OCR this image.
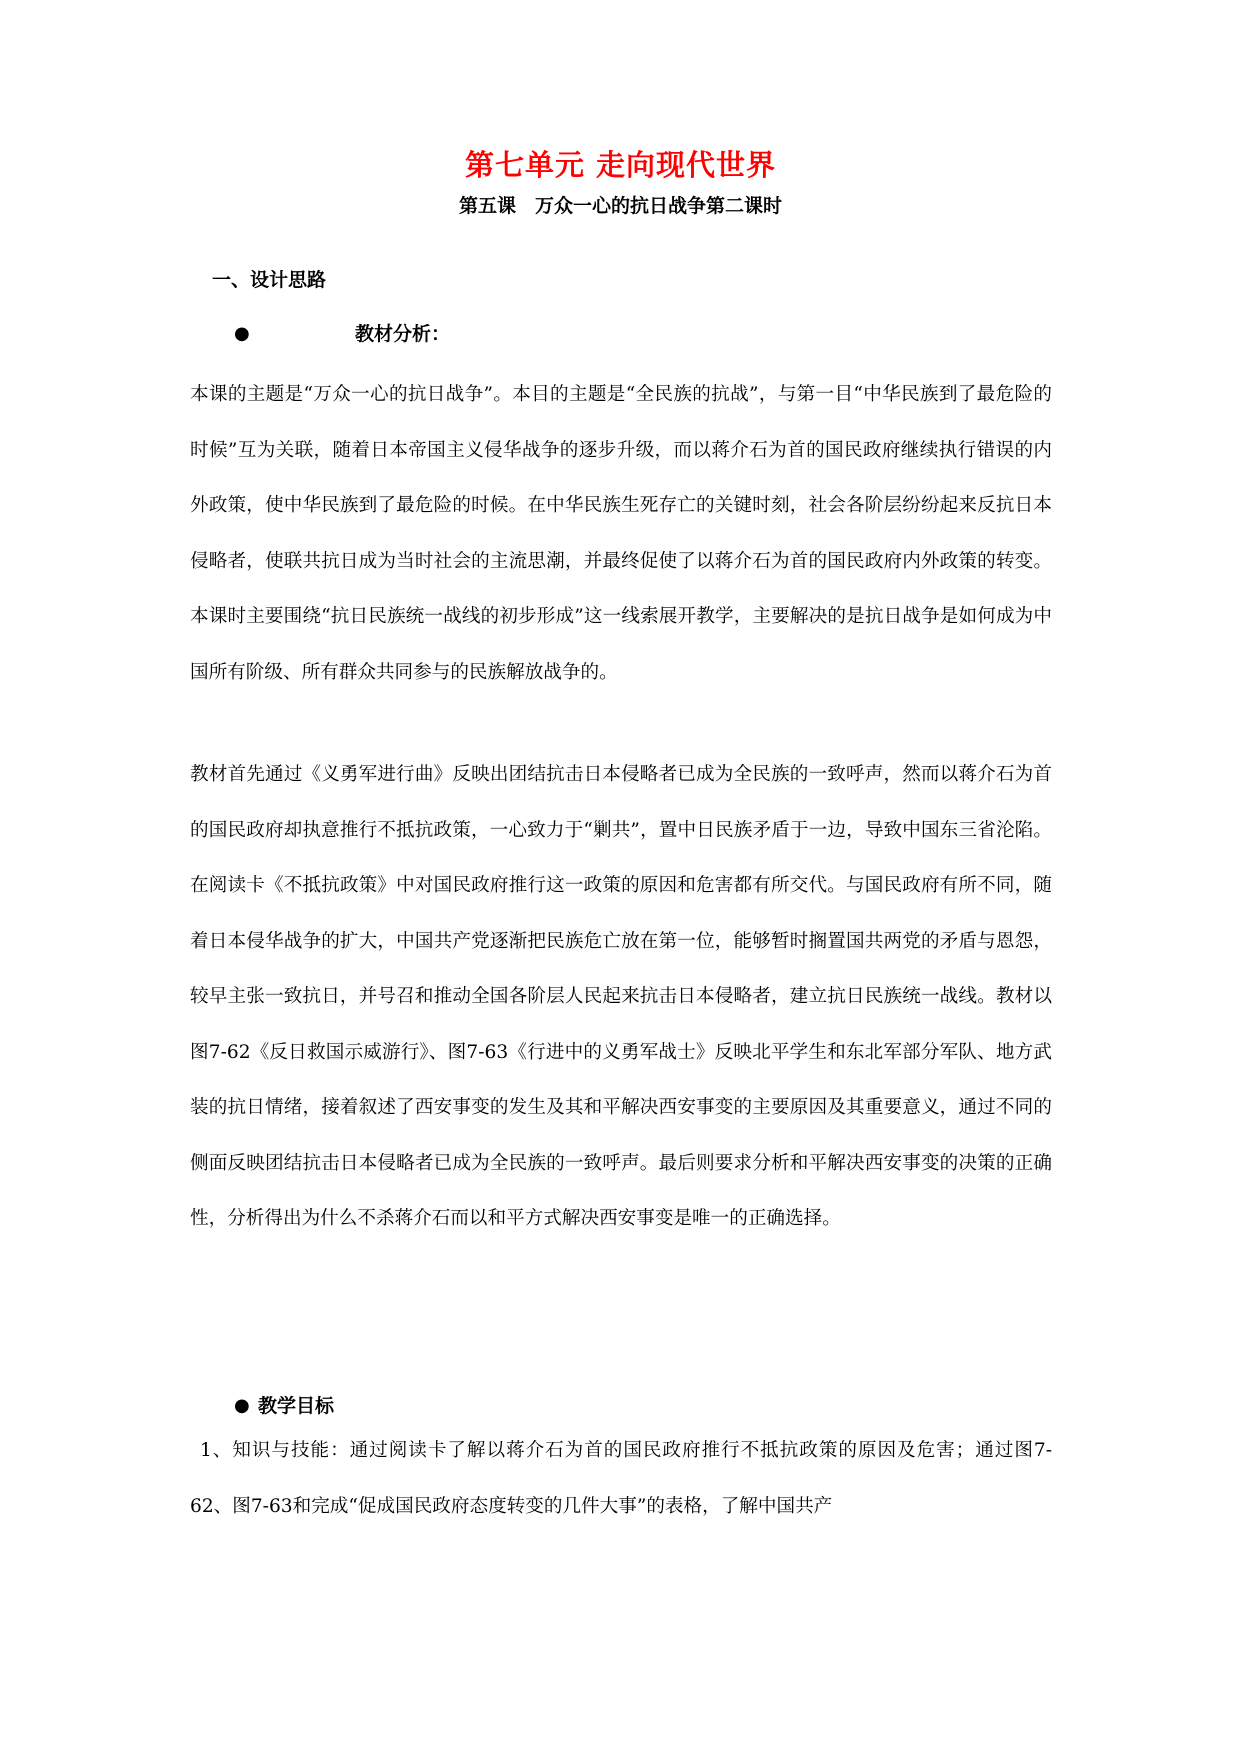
第七单元 走向现代世界
第五课　万众一心的抗日战争第二课时
一、设计思路
●	教材分析：
本课的主题是“万众一心的抗日战争”。本目的主题是“全民族的抗战”，与第一目“中华民族到了最危险的时候”互为关联，随着日本帝国主义侵华战争的逐步升级，而以蒋介石为首的国民政府继续执行错误的内外政策，使中华民族到了最危险的时候。在中华民族生死存亡的关键时刻，社会各阶层纷纷起来反抗日本侵略者，使联共抗日成为当时社会的主流思潮，并最终促使了以蒋介石为首的国民政府内外政策的转变。本课时主要围绕“抗日民族统一战线的初步形成”这一线索展开教学，主要解决的是抗日战争是如何成为中国所有阶级、所有群众共同参与的民族解放战争的。
教材首先通过《义勇军进行曲》反映出团结抗击日本侵略者已成为全民族的一致呼声，然而以蒋介石为首的国民政府却执意推行不抵抗政策，一心致力于“剿共”，置中日民族矛盾于一边，导致中国东三省沦陷。在阅读卡《不抵抗政策》中对国民政府推行这一政策的原因和危害都有所交代。与国民政府有所不同，随着日本侵华战争的扩大，中国共产党逐渐把民族危亡放在第一位，能够暂时搁置国共两党的矛盾与恩怨，较早主张一致抗日，并号召和推动全国各阶层人民起来抗击日本侵略者，建立抗日民族统一战线。教材以图7-62《反日救国示威游行》、图7-63《行进中的义勇军战士》反映北平学生和东北军部分军队、地方武装的抗日情绪，接着叙述了西安事变的发生及其和平解决西安事变的主要原因及其重要意义，通过不同的侧面反映团结抗击日本侵略者已成为全民族的一致呼声。最后则要求分析和平解决西安事变的决策的正确性，分析得出为什么不杀蒋介石而以和平方式解决西安事变是唯一的正确选择。
● 教学目标
1、知识与技能：通过阅读卡了解以蒋介石为首的国民政府推行不抵抗政策的原因及危害；通过图7-62、图7-63和完成“促成国民政府态度转变的几件大事”的表格，了解中国共产
